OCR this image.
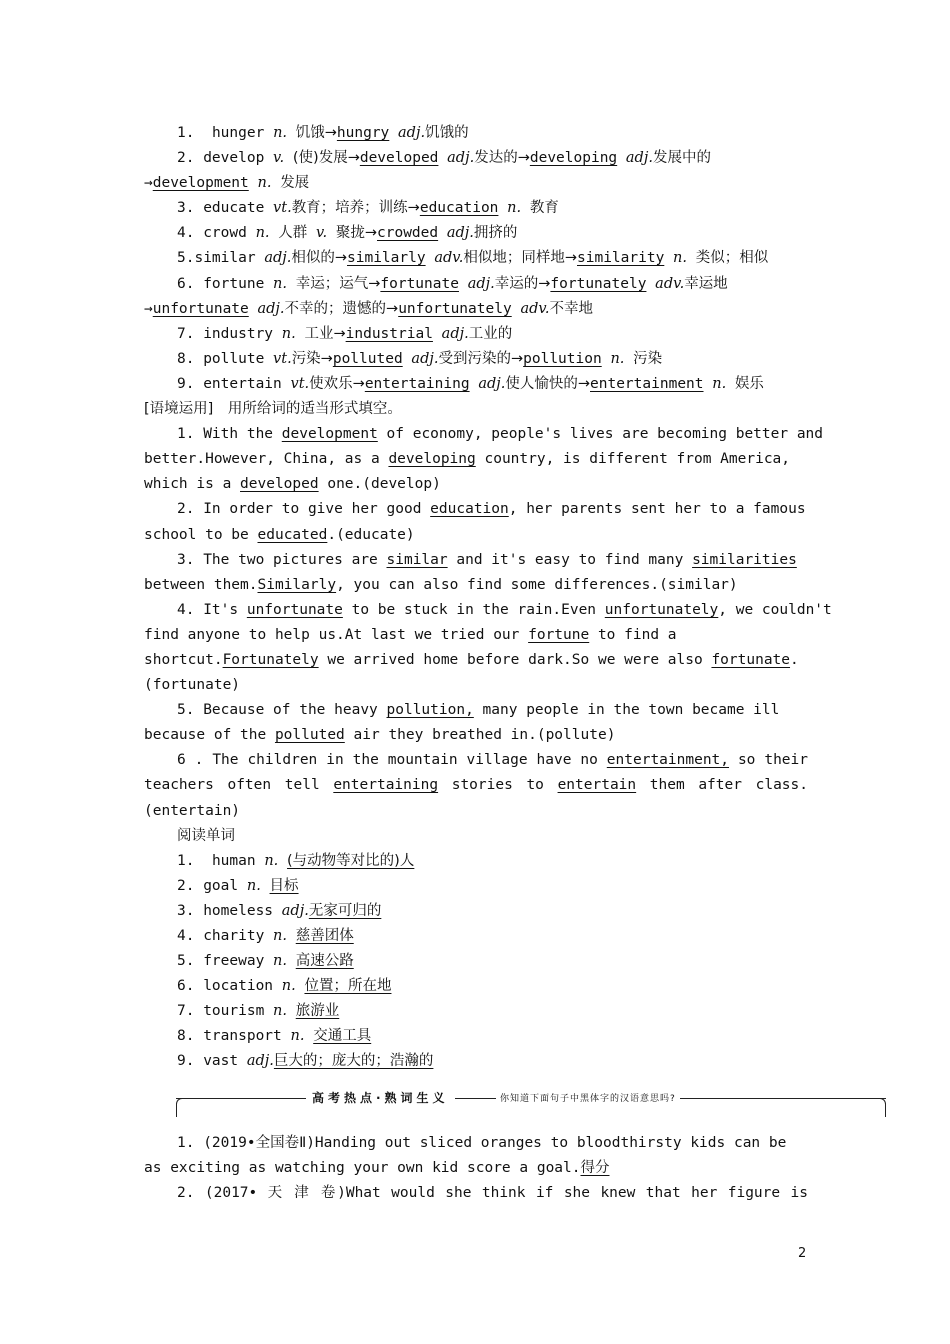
1. hunger n. 饥饿→hungry adj.饥饿的
2. develop v. (使)发展→developed adj.发达的→developing adj.发展中的
→development n. 发展
3. educate vt.教育；培养；训练→education n. 教育
4. crowd n. 人群 v. 聚拢→crowded adj.拥挤的
5.similar adj.相似的→similarly adv.相似地；同样地→similarity n. 类似；相似
6. fortune n. 幸运；运气→fortunate adj.幸运的→fortunately adv.幸运地
→unfortunate adj.不幸的；遗憾的→unfortunately adv.不幸地
7. industry n. 工业→industrial adj.工业的
8. pollute vt.污染→polluted adj.受到污染的→pollution n. 污染
9. entertain vt.使欢乐→entertaining adj.使人愉快的→entertainment n. 娱乐
[语境运用]　用所给词的适当形式填空。
1. With the development of economy, people's lives are becoming better and
better.However, China, as a developing country, is different from America,
which is a developed one.(develop)
2. In order to give her good education, her parents sent her to a famous
school to be educated.(educate)
3. The two pictures are similar and it's easy to find many similarities
between them.Similarly, you can also find some differences.(similar)
4. It's unfortunate to be stuck in the rain.Even unfortunately, we couldn't
find anyone to help us.At last we tried our fortune to find a
shortcut.Fortunately we arrived home before dark.So we were also fortunate.
(fortunate)
5. Because of the heavy pollution, many people in the town became ill
because of the polluted air they breathed in.(pollute)
6 . The children in the mountain village have no entertainment, so their
teachers often tell entertaining stories to entertain them after class.
(entertain)
阅读单词
1. human n. (与动物等对比的)人
2. goal n. 目标
3. homeless adj.无家可归的
4. charity n. 慈善团体
5. freeway n. 高速公路
6. location n. 位置；所在地
7. tourism n. 旅游业
8. transport n. 交通工具
9. vast adj.巨大的；庞大的；浩瀚的
高考热点·熟词生义	你知道下面句子中黑体字的汉语意思吗?
1. (2019•全国卷Ⅱ)Handing out sliced oranges to bloodthirsty kids can be
as exciting as watching your own kid score a goal.得分
2. (2017• 天 津 卷)What would she think if she knew that her figure is
2
